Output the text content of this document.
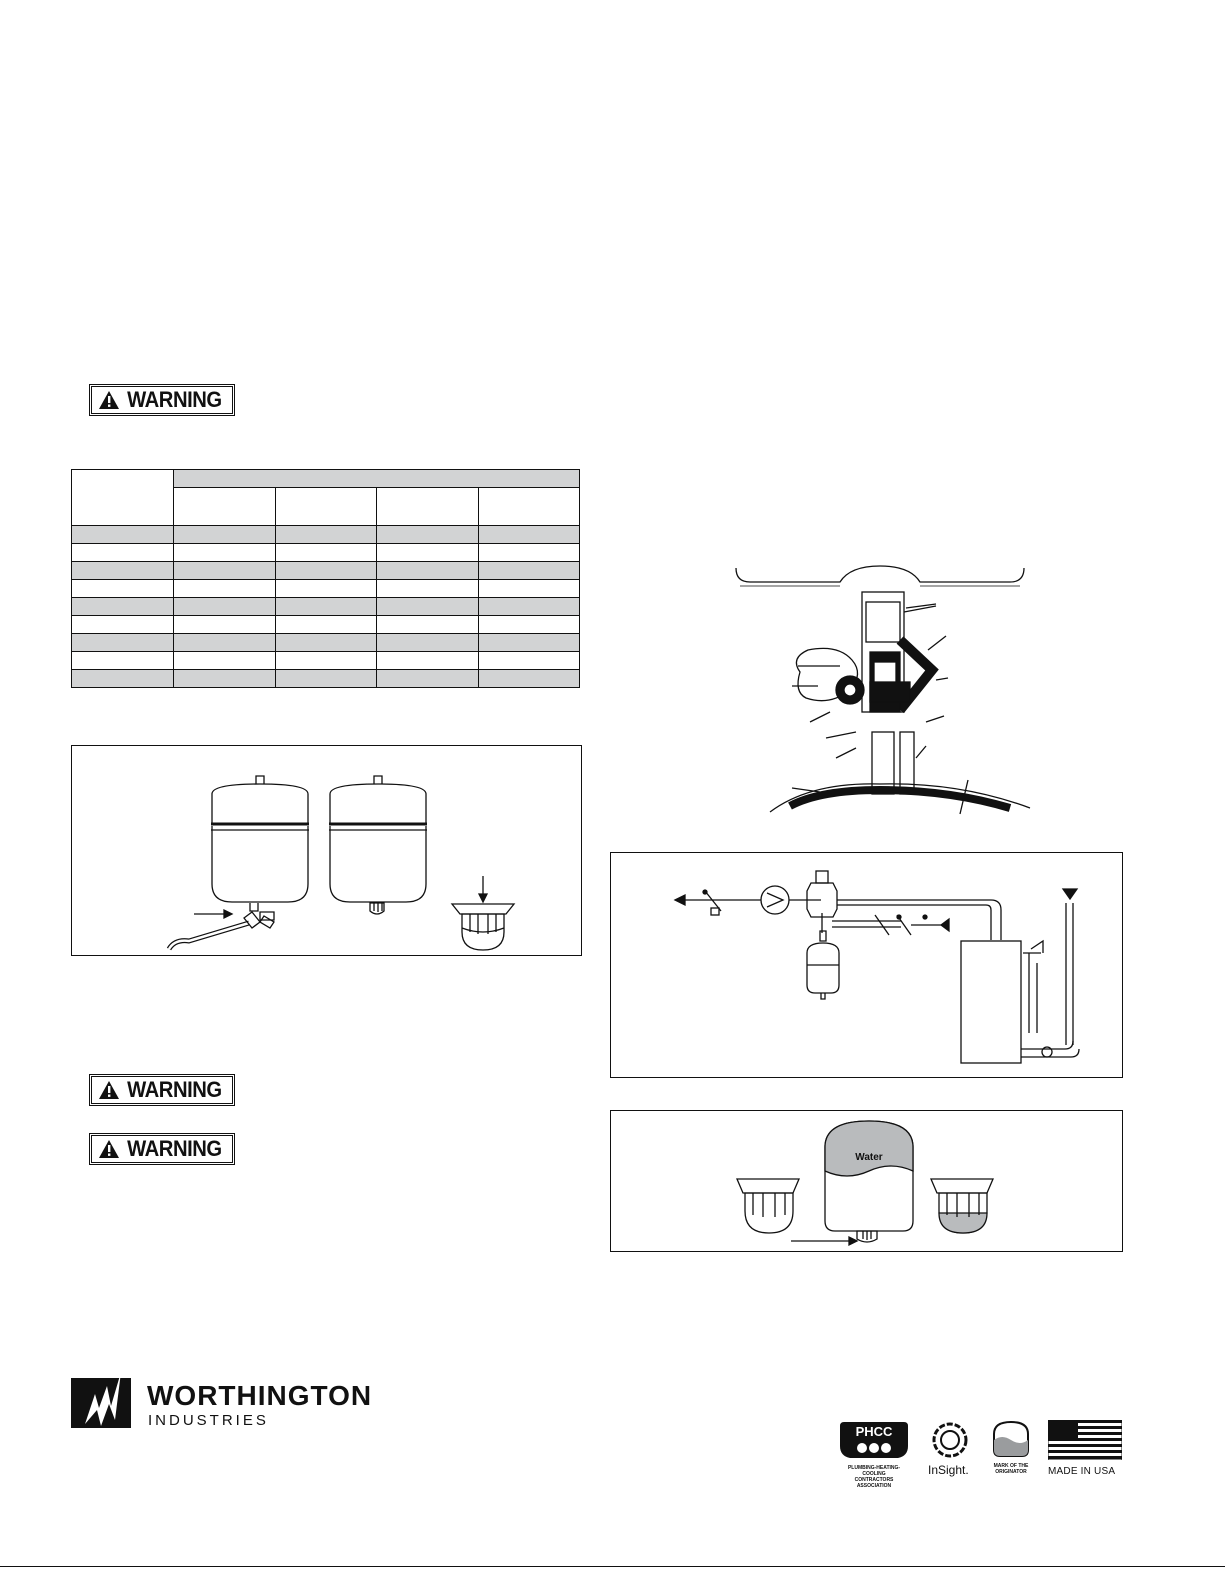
WARNING
WARNING
WARNING

					Water
WORTHINGTON
INDUSTRIES
PHCC
PLUMBING-HEATING-COOLING
CONTRACTORS ASSOCIATION
InSight.	MARK OF THE
ORIGINATOR	MADE IN USA
